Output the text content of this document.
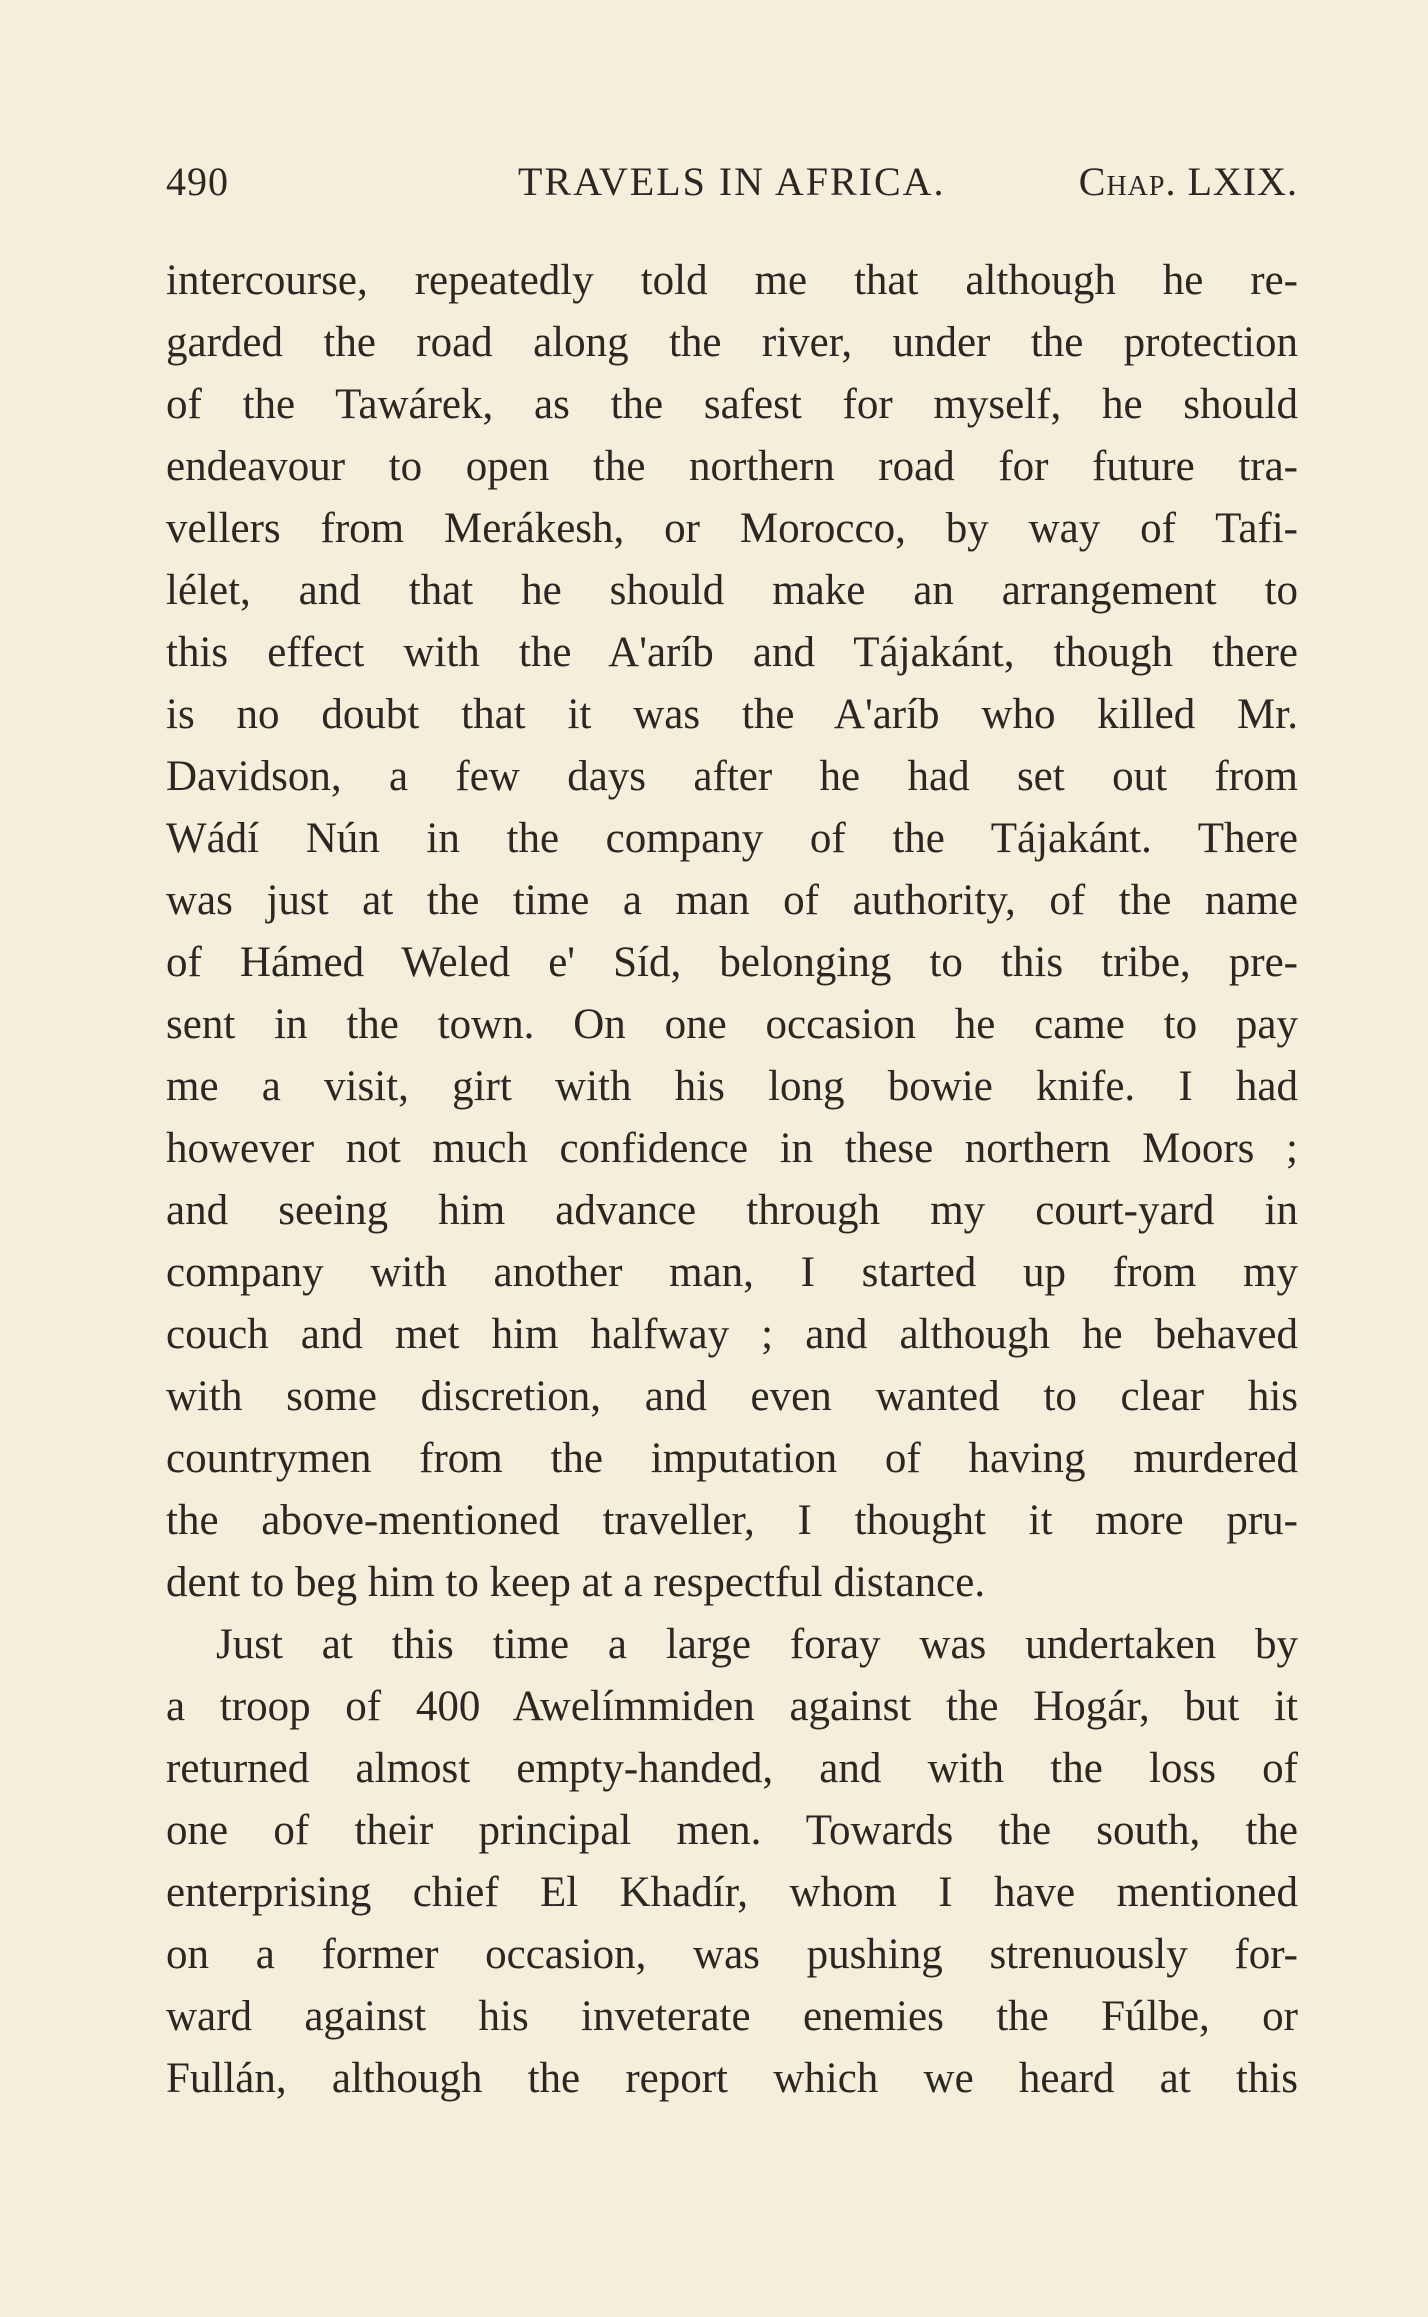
490	TRAVELS IN AFRICA.	Chap. LXIX.
intercourse, repeatedly told me that although he re-
garded the road along the river, under the protection
of the Tawárek, as the safest for myself, he should
endeavour to open the northern road for future tra-
vellers from Merákesh, or Morocco, by way of Tafi-
lélet, and that he should make an arrangement to
this effect with the A'aríb and Tájakánt, though there
is no doubt that it was the A'aríb who killed Mr.
Davidson, a few days after he had set out from
Wádí Nún in the company of the Tájakánt. There
was just at the time a man of authority, of the name
of Hámed Weled e' Síd, belonging to this tribe, pre-
sent in the town. On one occasion he came to pay
me a visit, girt with his long bowie knife. I had
however not much confidence in these northern Moors ;
and seeing him advance through my court-yard in
company with another man, I started up from my
couch and met him halfway ; and although he behaved
with some discretion, and even wanted to clear his
countrymen from the imputation of having murdered
the above-mentioned traveller, I thought it more pru-
dent to beg him to keep at a respectful distance.
Just at this time a large foray was undertaken by
a troop of 400 Awelímmiden against the Hogár, but it
returned almost empty-handed, and with the loss of
one of their principal men. Towards the south, the
enterprising chief El Khadír, whom I have mentioned
on a former occasion, was pushing strenuously for-
ward against his inveterate enemies the Fúlbe, or
Fullán, although the report which we heard at this
